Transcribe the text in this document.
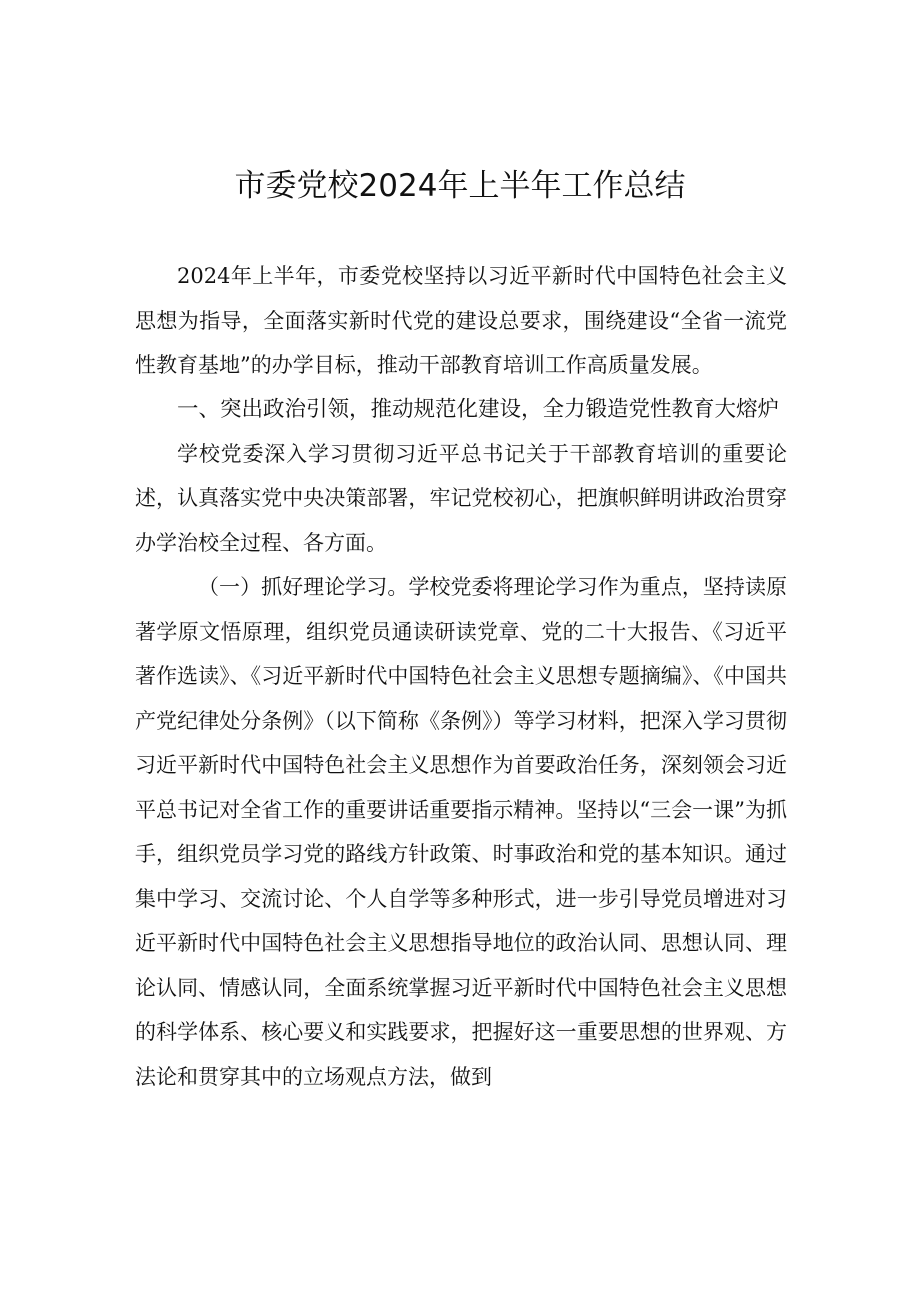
市委党校2024年上半年工作总结

2024年上半年，市委党校坚持以习近平新时代中国特色社会主义思想为指导，全面落实新时代党的建设总要求，围绕建设“全省一流党性教育基地”的办学目标，推动干部教育培训工作高质量发展。

一、突出政治引领，推动规范化建设，全力锻造党性教育大熔炉

学校党委深入学习贯彻习近平总书记关于干部教育培训的重要论述，认真落实党中央决策部署，牢记党校初心，把旗帜鲜明讲政治贯穿办学治校全过程、各方面。

（一）抓好理论学习。学校党委将理论学习作为重点，坚持读原著学原文悟原理，组织党员通读研读党章、党的二十大报告、《习近平著作选读》、《习近平新时代中国特色社会主义思想专题摘编》、《中国共产党纪律处分条例》（以下简称《条例》）等学习材料，把深入学习贯彻习近平新时代中国特色社会主义思想作为首要政治任务，深刻领会习近平总书记对全省工作的重要讲话重要指示精神。坚持以“三会一课”为抓手，组织党员学习党的路线方针政策、时事政治和党的基本知识。通过集中学习、交流讨论、个人自学等多种形式，进一步引导党员增进对习近平新时代中国特色社会主义思想指导地位的政治认同、思想认同、理论认同、情感认同，全面系统掌握习近平新时代中国特色社会主义思想的科学体系、核心要义和实践要求，把握好这一重要思想的世界观、方法论和贯穿其中的立场观点方法，做到
